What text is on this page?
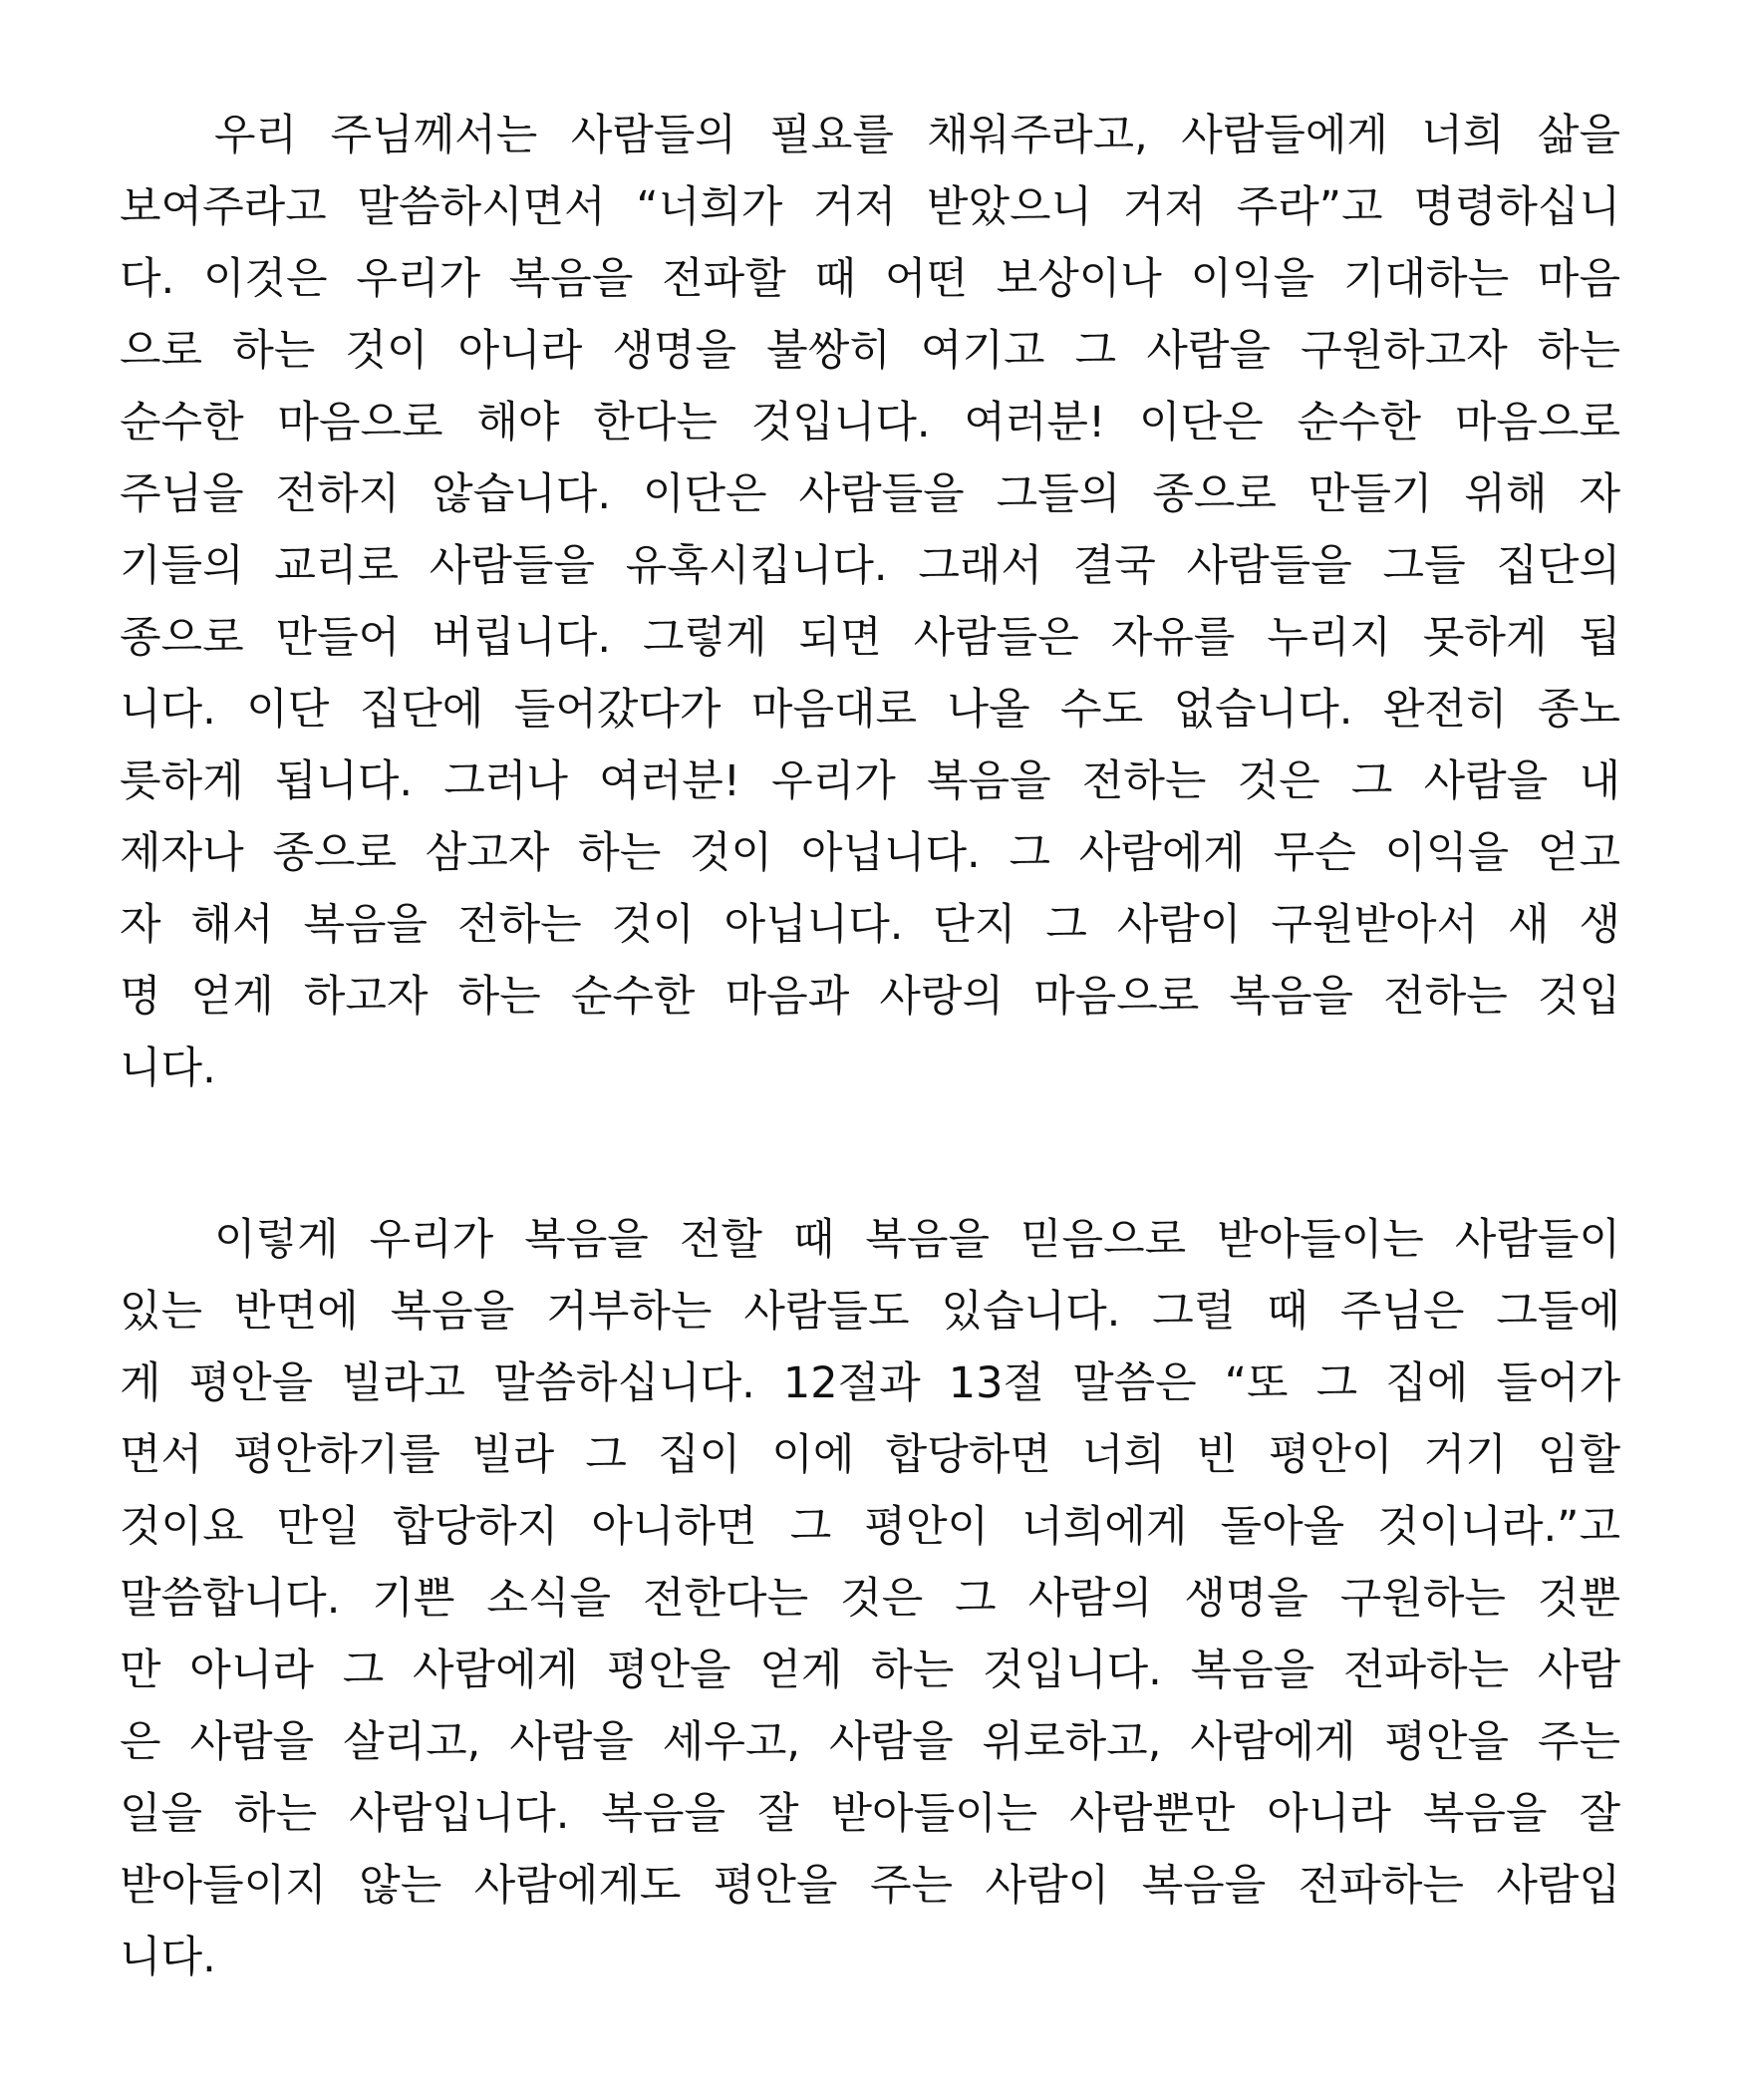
우리 주님께서는 사람들의 필요를 채워주라고, 사람들에게 너희 삶을
보여주라고 말씀하시면서 “너희가 거저 받았으니 거저 주라”고 명령하십니
다. 이것은 우리가 복음을 전파할 때 어떤 보상이나 이익을 기대하는 마음
으로 하는 것이 아니라 생명을 불쌍히 여기고 그 사람을 구원하고자 하는
순수한 마음으로 해야 한다는 것입니다. 여러분! 이단은 순수한 마음으로
주님을 전하지 않습니다. 이단은 사람들을 그들의 종으로 만들기 위해 자
기들의 교리로 사람들을 유혹시킵니다. 그래서 결국 사람들을 그들 집단의
종으로 만들어 버립니다. 그렇게 되면 사람들은 자유를 누리지 못하게 됩
니다. 이단 집단에 들어갔다가 마음대로 나올 수도 없습니다. 완전히 종노
릇하게 됩니다. 그러나 여러분! 우리가 복음을 전하는 것은 그 사람을 내
제자나 종으로 삼고자 하는 것이 아닙니다. 그 사람에게 무슨 이익을 얻고
자 해서 복음을 전하는 것이 아닙니다. 단지 그 사람이 구원받아서 새 생
명 얻게 하고자 하는 순수한 마음과 사랑의 마음으로 복음을 전하는 것입
니다.
이렇게 우리가 복음을 전할 때 복음을 믿음으로 받아들이는 사람들이
있는 반면에 복음을 거부하는 사람들도 있습니다. 그럴 때 주님은 그들에
게 평안을 빌라고 말씀하십니다. 12절과 13절 말씀은 “또 그 집에 들어가
면서 평안하기를 빌라 그 집이 이에 합당하면 너희 빈 평안이 거기 임할
것이요 만일 합당하지 아니하면 그 평안이 너희에게 돌아올 것이니라.”고
말씀합니다. 기쁜 소식을 전한다는 것은 그 사람의 생명을 구원하는 것뿐
만 아니라 그 사람에게 평안을 얻게 하는 것입니다. 복음을 전파하는 사람
은 사람을 살리고, 사람을 세우고, 사람을 위로하고, 사람에게 평안을 주는
일을 하는 사람입니다. 복음을 잘 받아들이는 사람뿐만 아니라 복음을 잘
받아들이지 않는 사람에게도 평안을 주는 사람이 복음을 전파하는 사람입
니다.
